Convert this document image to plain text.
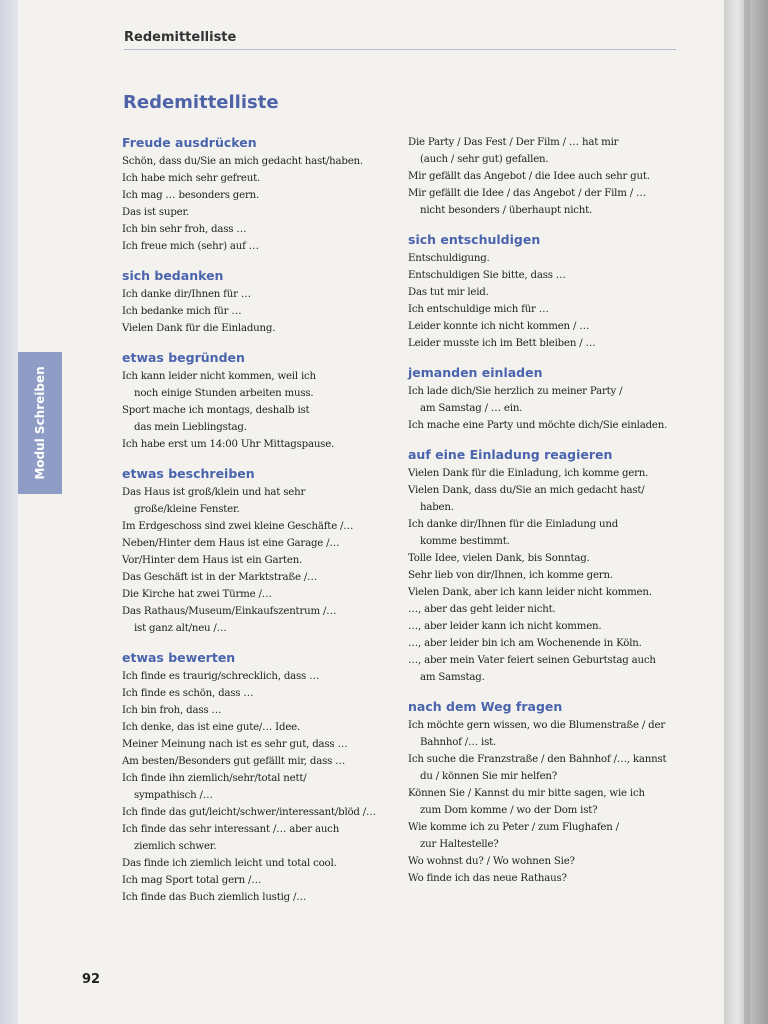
Modul Schreiben
Redemittelliste
Redemittelliste
Freude ausdrücken
Schön, dass du/Sie an mich gedacht hast/haben.
Ich habe mich sehr gefreut.
Ich mag … besonders gern.
Das ist super.
Ich bin sehr froh, dass …
Ich freue mich (sehr) auf …
sich bedanken
Ich danke dir/Ihnen für …
Ich bedanke mich für …
Vielen Dank für die Einladung.
etwas begründen
Ich kann leider nicht kommen, weil ich
noch einige Stunden arbeiten muss.
Sport mache ich montags, deshalb ist
das mein Lieblingstag.
Ich habe erst um 14:00 Uhr Mittagspause.
etwas beschreiben
Das Haus ist groß/klein und hat sehr
große/kleine Fenster.
Im Erdgeschoss sind zwei kleine Geschäfte /…
Neben/Hinter dem Haus ist eine Garage /…
Vor/Hinter dem Haus ist ein Garten.
Das Geschäft ist in der Marktstraße /…
Die Kirche hat zwei Türme /…
Das Rathaus/Museum/Einkaufszentrum /…
ist ganz alt/neu /…
etwas bewerten
Ich finde es traurig/schrecklich, dass …
Ich finde es schön, dass …
Ich bin froh, dass …
Ich denke, das ist eine gute/… Idee.
Meiner Meinung nach ist es sehr gut, dass …
Am besten/Besonders gut gefällt mir, dass …
Ich finde ihn ziemlich/sehr/total nett/
sympathisch /…
Ich finde das gut/leicht/schwer/interessant/blöd /…
Ich finde das sehr interessant /… aber auch
ziemlich schwer.
Das finde ich ziemlich leicht und total cool.
Ich mag Sport total gern /…
Ich finde das Buch ziemlich lustig /…
Die Party / Das Fest / Der Film / … hat mir
(auch / sehr gut) gefallen.
Mir gefällt das Angebot / die Idee auch sehr gut.
Mir gefällt die Idee / das Angebot / der Film / …
nicht besonders / überhaupt nicht.
sich entschuldigen
Entschuldigung.
Entschuldigen Sie bitte, dass …
Das tut mir leid.
Ich entschuldige mich für …
Leider konnte ich nicht kommen / …
Leider musste ich im Bett bleiben / …
jemanden einladen
Ich lade dich/Sie herzlich zu meiner Party /
am Samstag / … ein.
Ich mache eine Party und möchte dich/Sie einladen.
auf eine Einladung reagieren
Vielen Dank für die Einladung, ich komme gern.
Vielen Dank, dass du/Sie an mich gedacht hast/
haben.
Ich danke dir/Ihnen für die Einladung und
komme bestimmt.
Tolle Idee, vielen Dank, bis Sonntag.
Sehr lieb von dir/Ihnen, ich komme gern.
Vielen Dank, aber ich kann leider nicht kommen.
…, aber das geht leider nicht.
…, aber leider kann ich nicht kommen.
…, aber leider bin ich am Wochenende in Köln.
…, aber mein Vater feiert seinen Geburtstag auch
am Samstag.
nach dem Weg fragen
Ich möchte gern wissen, wo die Blumenstraße / der
Bahnhof /… ist.
Ich suche die Franzstraße / den Bahnhof /…, kannst
du / können Sie mir helfen?
Können Sie / Kannst du mir bitte sagen, wie ich
zum Dom komme / wo der Dom ist?
Wie komme ich zu Peter / zum Flughafen /
zur Haltestelle?
Wo wohnst du? / Wo wohnen Sie?
Wo finde ich das neue Rathaus?
92
